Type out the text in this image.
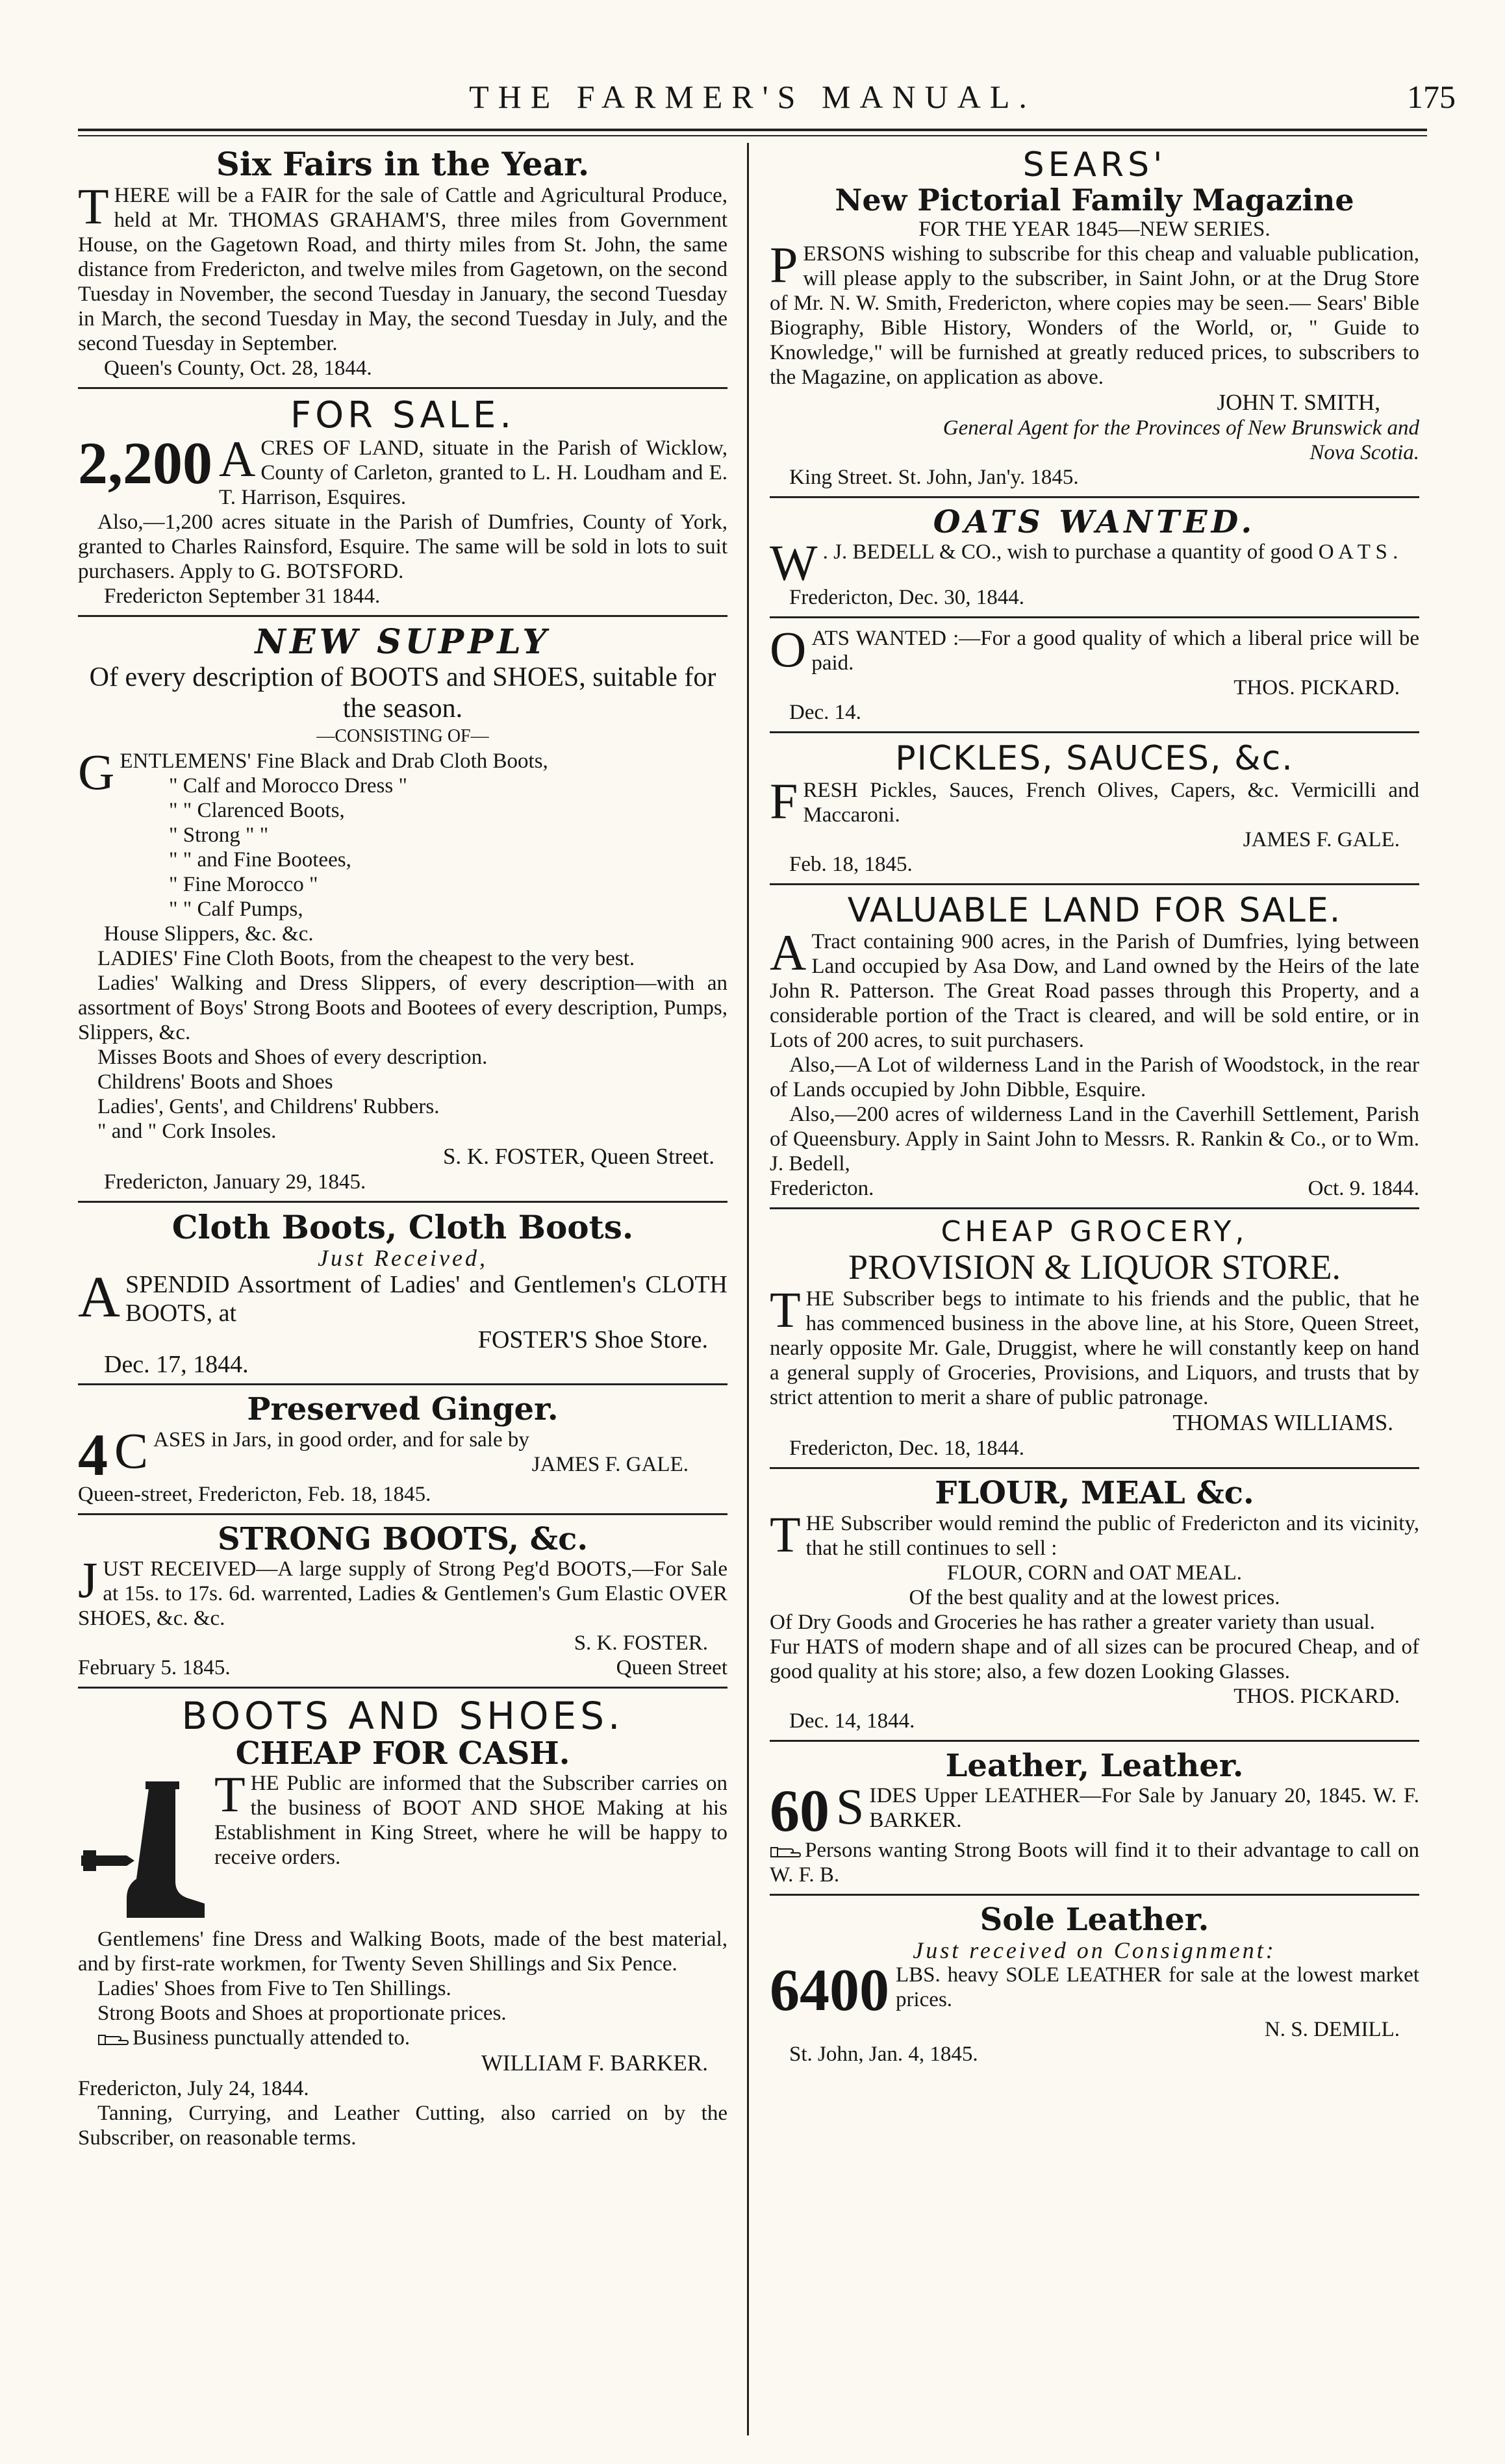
THE FARMER'S MANUAL.	175
Six Fairs in the Year.

THERE will be a FAIR for the sale of Cattle and Agricultural Produce, held at Mr. THOMAS GRAHAM'S, three miles from Government House, on the Gagetown Road, and thirty miles from St. John, the same distance from Fredericton, and twelve miles from Gagetown, on the second Tuesday in November, the second Tuesday in January, the second Tuesday in March, the second Tuesday in May, the second Tuesday in July, and the second Tuesday in September.

Queen's County, Oct. 28, 1844.

FOR SALE.

2,200 A CRES OF LAND, situate in the Parish of Wicklow, County of Carleton, granted to L. H. Loudham and E. T. Harrison, Esquires.

Also,—1,200 acres situate in the Parish of Dumfries, County of York, granted to Charles Rainsford, Esquire. The same will be sold in lots to suit purchasers. Apply to G. BOTSFORD.

Fredericton September 31 1844.

NEW SUPPLY

Of every description of BOOTS and SHOES, suitable for the season.

—CONSISTING OF—

GENTLEMENS' Fine Black and Drab Cloth Boots,

" Calf and Morocco Dress "

" " Clarenced Boots,

" Strong " "

" " and Fine Bootees,

" Fine Morocco "

" " Calf Pumps,

House Slippers, &c. &c.

LADIES' Fine Cloth Boots, from the cheapest to the very best.

Ladies' Walking and Dress Slippers, of every description—with an assortment of Boys' Strong Boots and Bootees of every description, Pumps, Slippers, &c.

Misses Boots and Shoes of every description.

Childrens' Boots and Shoes

Ladies', Gents', and Childrens' Rubbers.

" and " Cork Insoles.

S. K. FOSTER, Queen Street.

Fredericton, January 29, 1845.

Cloth Boots, Cloth Boots.

Just Received,

ASPENDID Assortment of Ladies' and Gentlemen's CLOTH BOOTS, at

FOSTER'S Shoe Store.

Dec. 17, 1844.

Preserved Ginger.

4 C ASES in Jars, in good order, and for sale by

JAMES F. GALE.

Queen-street, Fredericton, Feb. 18, 1845.

STRONG BOOTS, &c.

JUST RECEIVED—A large supply of Strong Peg'd BOOTS,—For Sale at 15s. to 17s. 6d. warrented, Ladies & Gentlemen's Gum Elastic OVER SHOES, &c. &c.

S. K. FOSTER.

February 5. 1845.	Queen Street

BOOTS AND SHOES.
CHEAP FOR CASH.

THE Public are informed that the Subscriber carries on the business of BOOT AND SHOE Making at his Establishment in King Street, where he will be happy to receive orders.

Gentlemens' fine Dress and Walking Boots, made of the best material, and by first-rate workmen, for Twenty Seven Shillings and Six Pence.

Ladies' Shoes from Five to Ten Shillings.

Strong Boots and Shoes at proportionate prices.

Business punctually attended to.

WILLIAM F. BARKER.

Fredericton, July 24, 1844.

Tanning, Currying, and Leather Cutting, also carried on by the Subscriber, on reasonable terms.

SEARS'
New Pictorial Family Magazine

FOR THE YEAR 1845—NEW SERIES.

PERSONS wishing to subscribe for this cheap and valuable publication, will please apply to the subscriber, in Saint John, or at the Drug Store of Mr. N. W. Smith, Fredericton, where copies may be seen.— Sears' Bible Biography, Bible History, Wonders of the World, or, " Guide to Knowledge," will be furnished at greatly reduced prices, to subscribers to the Magazine, on application as above.

JOHN T. SMITH,

General Agent for the Provinces of New Brunswick and Nova Scotia.

King Street. St. John, Jan'y. 1845.

OATS WANTED.

W . J. BEDELL & CO., wish to purchase a quantity of good O A T S .

Fredericton, Dec. 30, 1844.

OATS WANTED :—For a good quality of which a liberal price will be paid.

THOS. PICKARD.

Dec. 14.

PICKLES, SAUCES, &c.

FRESH Pickles, Sauces, French Olives, Capers, &c. Vermicilli and Maccaroni.

JAMES F. GALE.

Feb. 18, 1845.

VALUABLE LAND FOR SALE.

A Tract containing 900 acres, in the Parish of Dumfries, lying between Land occupied by Asa Dow, and Land owned by the Heirs of the late John R. Patterson. The Great Road passes through this Property, and a considerable portion of the Tract is cleared, and will be sold entire, or in Lots of 200 acres, to suit purchasers.

Also,—A Lot of wilderness Land in the Parish of Woodstock, in the rear of Lands occupied by John Dibble, Esquire.

Also,—200 acres of wilderness Land in the Caverhill Settlement, Parish of Queensbury. Apply in Saint John to Messrs. R. Rankin & Co., or to Wm. J. Bedell,

Fredericton.	Oct. 9. 1844.

CHEAP GROCERY,
PROVISION & LIQUOR STORE.

THE Subscriber begs to intimate to his friends and the public, that he has commenced business in the above line, at his Store, Queen Street, nearly opposite Mr. Gale, Druggist, where he will constantly keep on hand a general supply of Groceries, Provisions, and Liquors, and trusts that by strict attention to merit a share of public patronage.

THOMAS WILLIAMS.

Fredericton, Dec. 18, 1844.

FLOUR, MEAL &c.

THE Subscriber would remind the public of Fredericton and its vicinity, that he still continues to sell :

FLOUR, CORN and OAT MEAL.

Of the best quality and at the lowest prices.

Of Dry Goods and Groceries he has rather a greater variety than usual.

Fur HATS of modern shape and of all sizes can be procured Cheap, and of good quality at his store; also, a few dozen Looking Glasses.

THOS. PICKARD.

Dec. 14, 1844.

Leather, Leather.

60 S IDES Upper LEATHER—For Sale by January 20, 1845. W. F. BARKER.

Persons wanting Strong Boots will find it to their advantage to call on W. F. B.

Sole Leather.

Just received on Consignment:

6400 LBS. heavy SOLE LEATHER for sale at the lowest market prices.

N. S. DEMILL.

St. John, Jan. 4, 1845.
